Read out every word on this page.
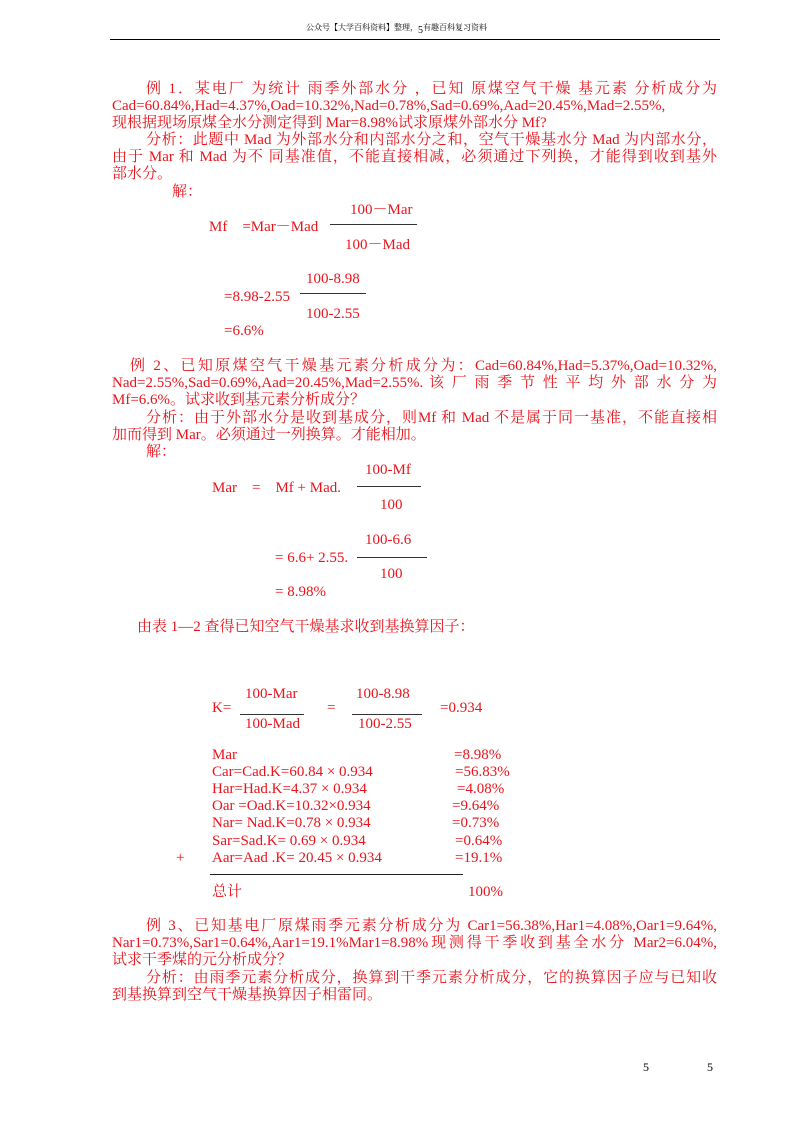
公众号【大学百科资料】整理，5有趣百科复习资料
例 1．某电厂 为统计 雨季外部水分 ，已知 原煤空气干燥 基元素 分析成分为
Cad=60.84%,Had=4.37%,Oad=10.32%,Nad=0.78%,Sad=0.69%,Aad=20.45%,Mad=2.55%,
现根据现场原煤全水分测定得到 Mar=8.98%试求原煤外部水分 Mf?
分析：此题中 Mad 为外部水分和内部水分之和，空气干燥基水分 Mad 为内部水分，
由于 Mar 和 Mad 为不 同基准值，不能直接相减，必须通过下列换，才能得到收到基外
部水分。
解：
Mf    =Mar－Mad
100－Mar
100－Mad
=8.98-2.55
100-8.98
100-2.55
=6.6%
例 2、已知原煤空气干燥基元素分析成分为：Cad=60.84%,Had=5.37%,Oad=10.32%,
Nad=2.55%,Sad=0.69%,Aad=20.45%,Mad=2.55%. 该 厂 雨 季 节 性 平 均 外 部 水 分 为
Mf=6.6%。试求收到基元素分析成分？
分析：由于外部水分是收到基成分，则Mf 和 Mad 不是属于同一基准，不能直接相
加而得到 Mar。必须通过一列换算。才能相加。
解：
Mar    =    Mf + Mad.
100-Mf
100
= 6.6+ 2.55.
100-6.6
100
= 8.98%
由表 1—2 查得已知空气干燥基求收到基换算因子：
K=
100-Mar
100-Mad
=
100-8.98
100-2.55
=0.934
Mar	=8.98%
Car=Cad.K=60.84 × 0.934	=56.83%
Har=Had.K=4.37 × 0.934	=4.08%
Oar =Oad.K=10.32×0.934	=9.64%
Nar= Nad.K=0.78 × 0.934	=0.73%
Sar=Sad.K= 0.69 × 0.934	=0.64%
+ Aar=Aad .K= 20.45 × 0.934	=19.1%
总计	100%
例 3、已知基电厂原煤雨季元素分析成分为 Car1=56.38%,Har1=4.08%,Oar1=9.64%,
Nar1=0.73%,Sar1=0.64%,Aar1=19.1%Mar1=8.98%现测得干季收到基全水分 Mar2=6.04%,
试求干季煤的元分析成分？
分析：由雨季元素分析成分，换算到干季元素分析成分，它的换算因子应与已知收
到基换算到空气干燥基换算因子相雷同。
5	5
